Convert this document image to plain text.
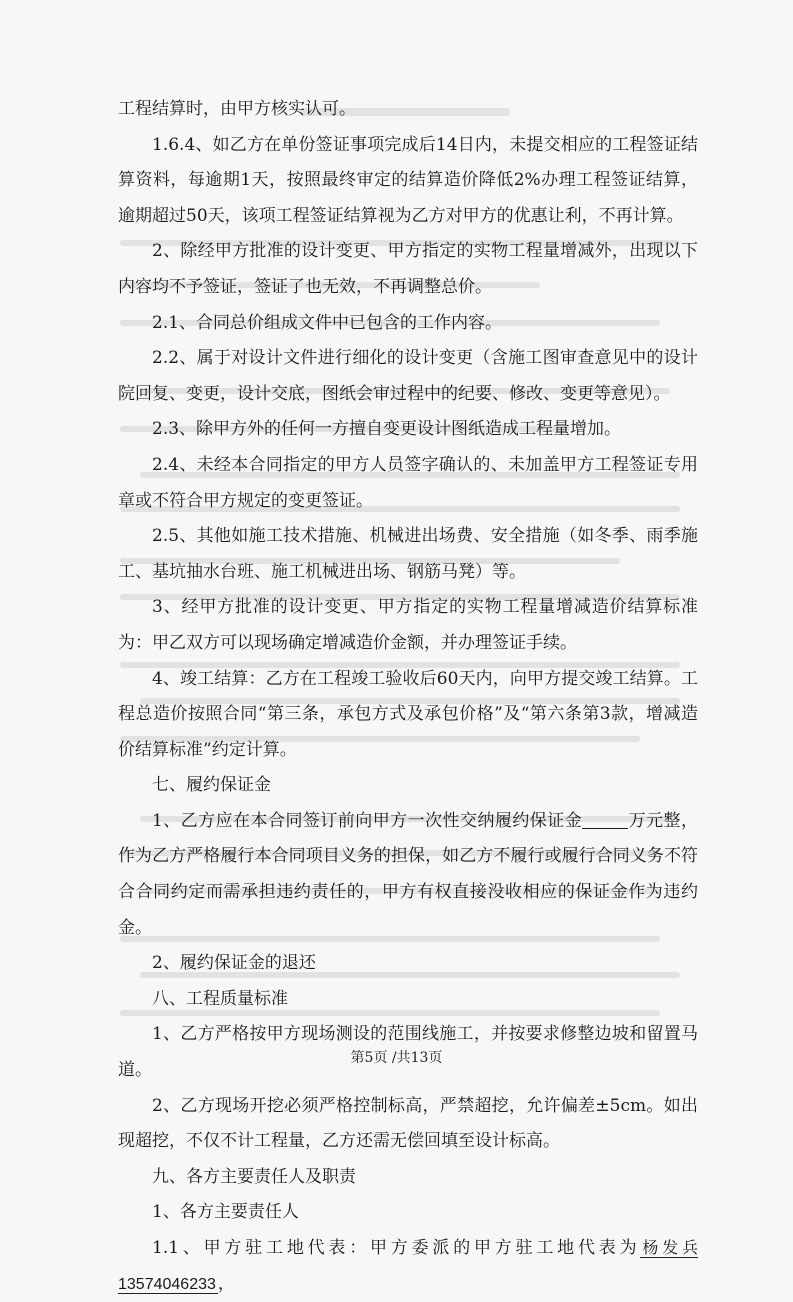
工程结算时，由甲方核实认可。

1.6.4、如乙方在单份签证事项完成后14日内，未提交相应的工程签证结算资料，每逾期1天，按照最终审定的结算造价降低2%办理工程签证结算，逾期超过50天，该项工程签证结算视为乙方对甲方的优惠让利，不再计算。

2、除经甲方批准的设计变更、甲方指定的实物工程量增减外，出现以下内容均不予签证，签证了也无效，不再调整总价。

2.1、合同总价组成文件中已包含的工作内容。

2.2、属于对设计文件进行细化的设计变更（含施工图审查意见中的设计院回复、变更，设计交底，图纸会审过程中的纪要、修改、变更等意见）。

2.3、除甲方外的任何一方擅自变更设计图纸造成工程量增加。

2.4、未经本合同指定的甲方人员签字确认的、未加盖甲方工程签证专用章或不符合甲方规定的变更签证。

2.5、其他如施工技术措施、机械进出场费、安全措施（如冬季、雨季施工、基坑抽水台班、施工机械进出场、钢筋马凳）等。

3、经甲方批准的设计变更、甲方指定的实物工程量增减造价结算标准为：甲乙双方可以现场确定增减造价金额，并办理签证手续。

4、竣工结算：乙方在工程竣工验收后60天内，向甲方提交竣工结算。工程总造价按照合同“第三条，承包方式及承包价格”及“第六条第3款，增减造价结算标准”约定计算。

七、履约保证金

1、乙方应在本合同签订前向甲方一次性交纳履约保证金	万元整，作为乙方严格履行本合同项目义务的担保，如乙方不履行或履行合同义务不符合合同约定而需承担违约责任的，甲方有权直接没收相应的保证金作为违约金。

2、履约保证金的退还

八、工程质量标准

1、乙方严格按甲方现场测设的范围线施工，并按要求修整边坡和留置马道。

2、乙方现场开挖必须严格控制标高，严禁超挖，允许偏差±5cm。如出现超挖，不仅不计工程量，乙方还需无偿回填至设计标高。

九、各方主要责任人及职责

1、各方主要责任人

1.1、甲方驻工地代表：甲方委派的甲方驻工地代表为 杨发兵 13574046233 ，

第5页 /共13页
